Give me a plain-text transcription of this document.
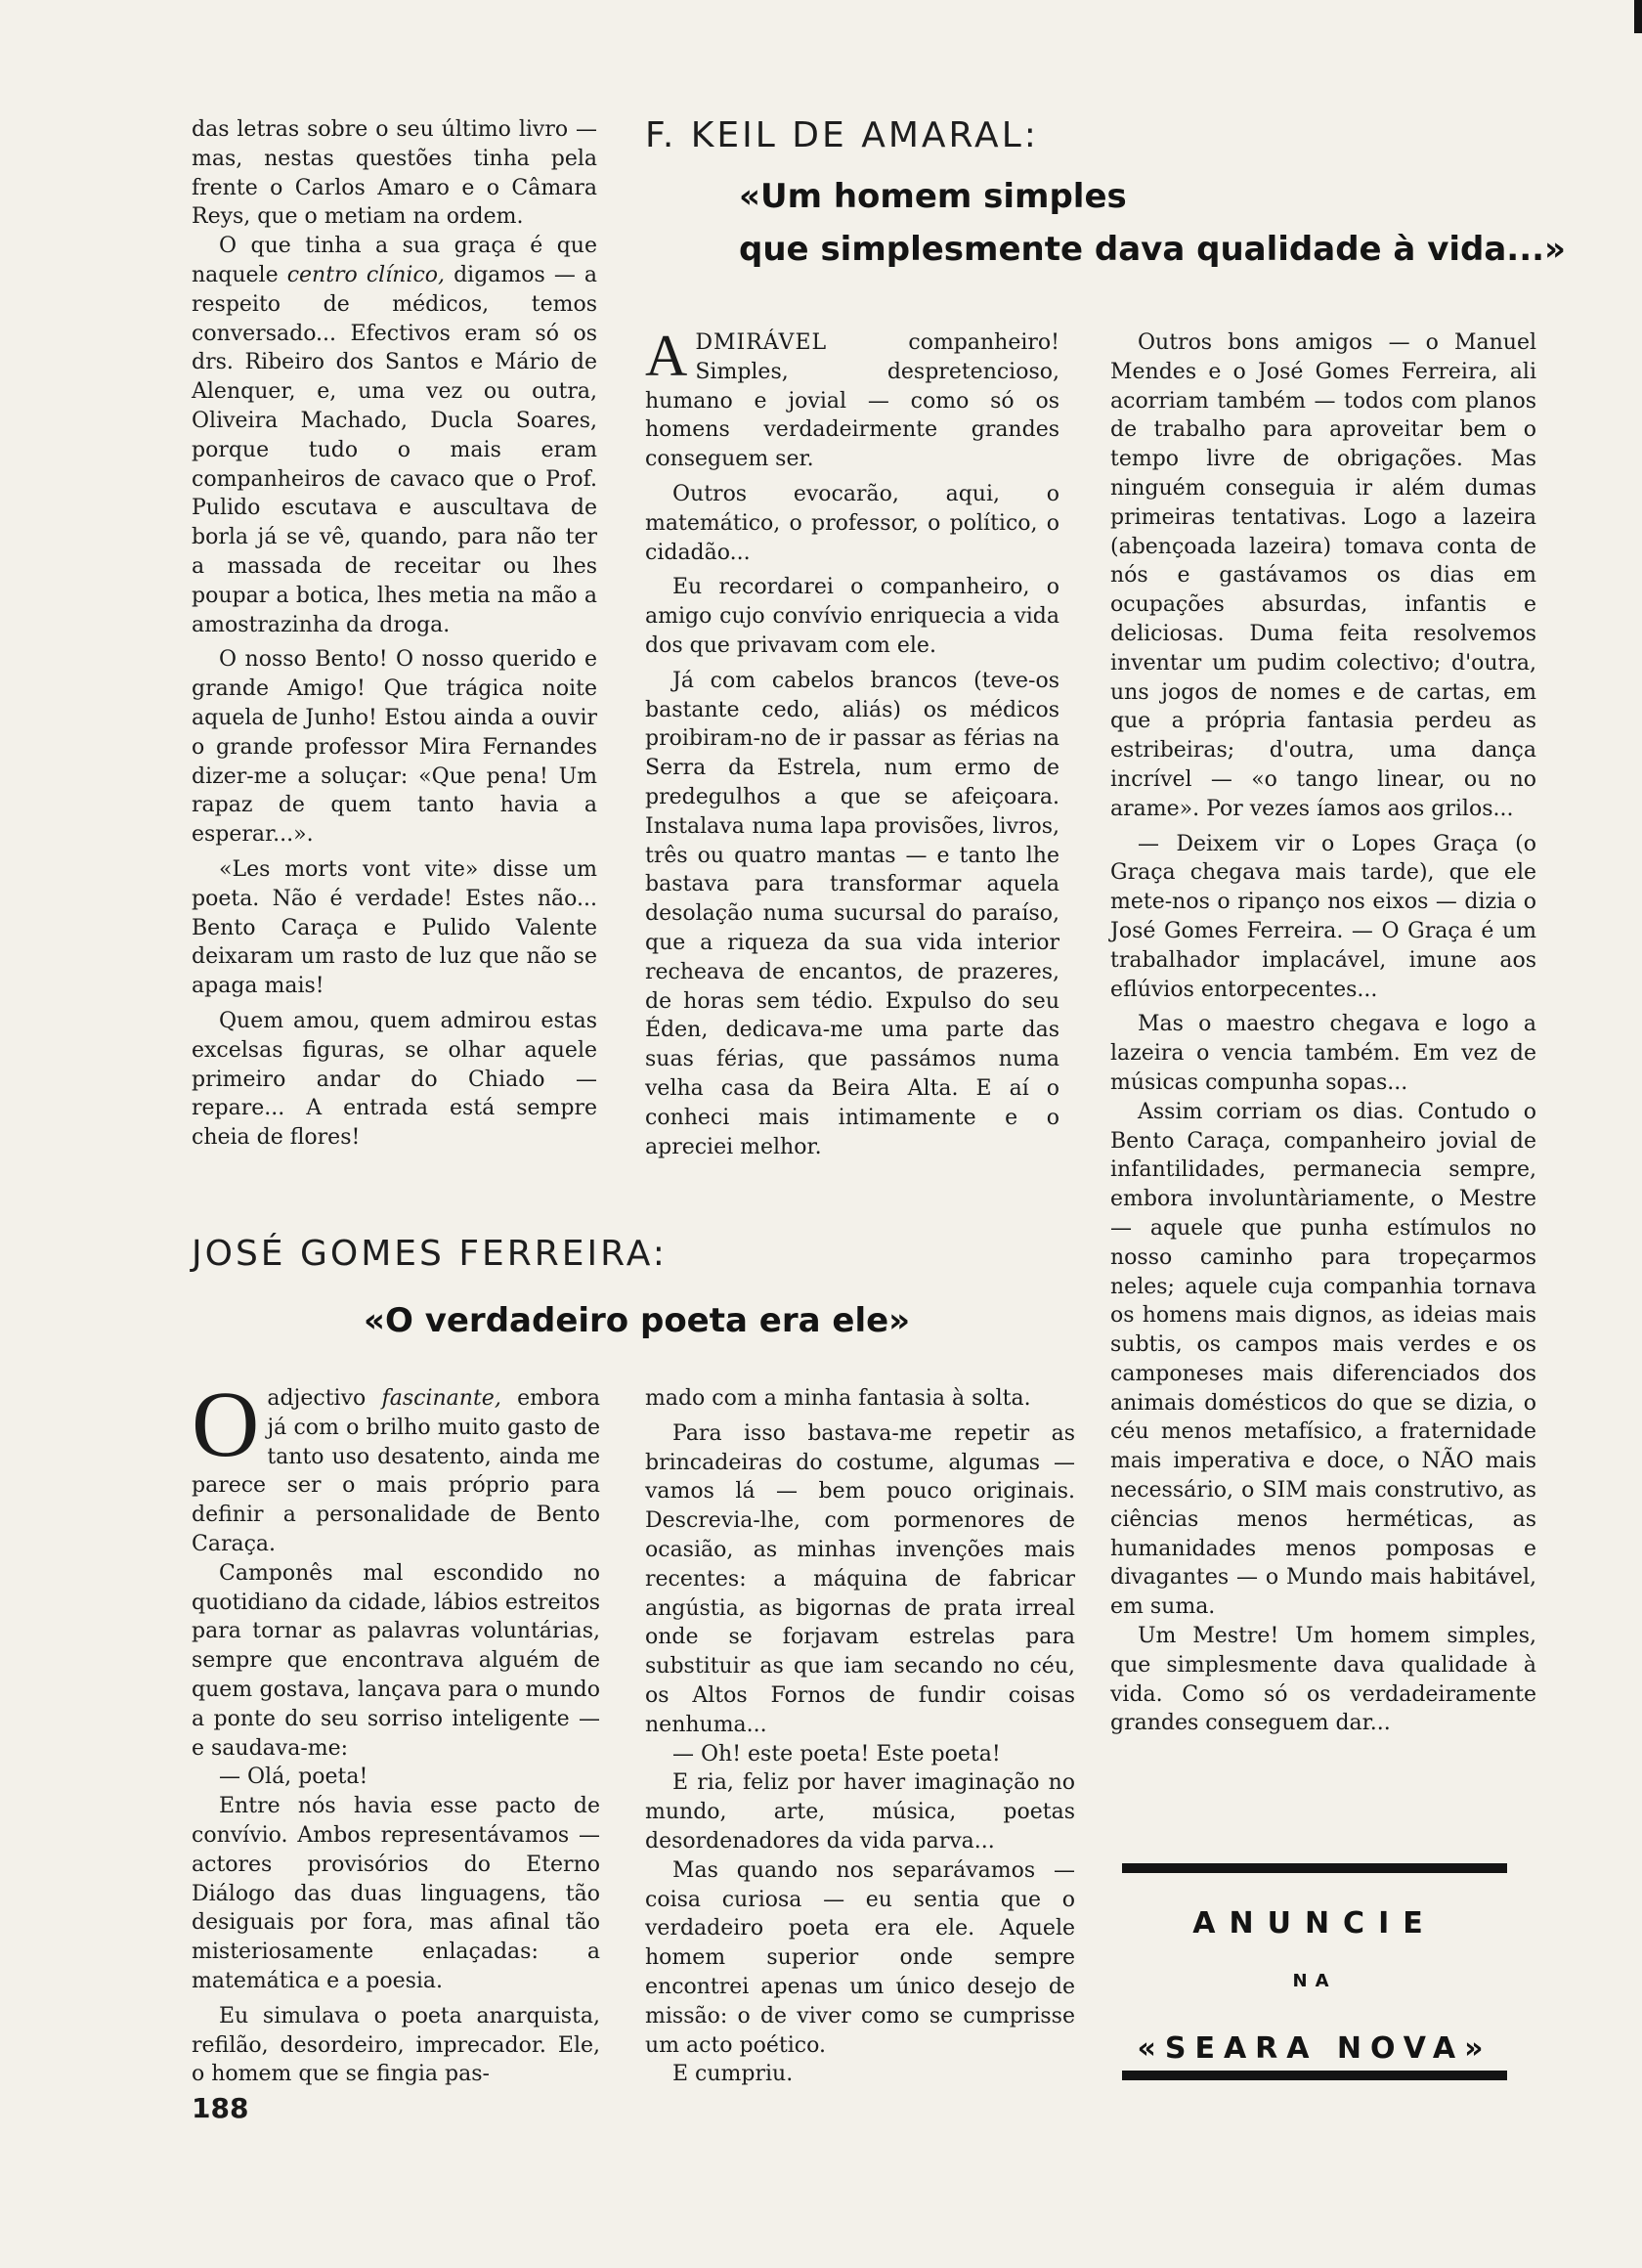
das letras sobre o seu último livro — mas, nestas questões tinha pela frente o Carlos Amaro e o Câmara Reys, que o metiam na ordem.

O que tinha a sua graça é que naquele centro clínico, digamos — a respeito de médicos, temos conversado... Efectivos eram só os drs. Ribeiro dos Santos e Mário de Alenquer, e, uma vez ou outra, Oliveira Machado, Ducla Soares, porque tudo o mais eram companheiros de cavaco que o Prof. Pulido escutava e auscultava de borla já se vê, quando, para não ter a massada de receitar ou lhes poupar a botica, lhes metia na mão a amostrazinha da droga.

O nosso Bento! O nosso querido e grande Amigo! Que trágica noite aquela de Junho! Estou ainda a ouvir o grande professor Mira Fernandes dizer-me a soluçar: «Que pena! Um rapaz de quem tanto havia a esperar...».

«Les morts vont vite» disse um poeta. Não é verdade! Estes não... Bento Caraça e Pulido Valente deixaram um rasto de luz que não se apaga mais!

Quem amou, quem admirou estas excelsas figuras, se olhar aquele primeiro andar do Chiado — repare... A entrada está sempre cheia de flores!

F. KEIL DE AMARAL:
«Um homem simples
que simplesmente dava qualidade à vida...»

ADMIRÁVEL	companheiro! Simples, despretencioso, humano e jovial — como só os homens verdadeirmente grandes conseguem ser.

Outros evocarão, aqui, o matemático, o professor, o político, o cidadão...

Eu recordarei o companheiro, o amigo cujo convívio enriquecia a vida dos que privavam com ele.

Já com cabelos brancos (teve-os bastante cedo, aliás) os médicos proibiram-no de ir passar as férias na Serra da Estrela, num ermo de predegulhos a que se afeiçoara. Instalava numa lapa provisões, livros, três ou quatro mantas — e tanto lhe bastava para transformar aquela desolação numa sucursal do paraíso, que a riqueza da sua vida interior recheava de encantos, de prazeres, de horas sem tédio. Expulso do seu Éden, dedicava-me uma parte das suas férias, que passámos numa velha casa da Beira Alta. E aí o conheci mais intimamente e o apreciei melhor.

Outros bons amigos — o Manuel Mendes e o José Gomes Ferreira, ali acorriam também — todos com planos de trabalho para aproveitar bem o tempo livre de obrigações. Mas ninguém conseguia ir além dumas primeiras tentativas. Logo a lazeira (abençoada lazeira) tomava conta de nós e gastávamos os dias em ocupações absurdas, infantis e deliciosas. Duma feita resolvemos inventar um pudim colectivo; d'outra, uns jogos de nomes e de cartas, em que a própria fantasia perdeu as estribeiras; d'outra, uma dança incrível — «o tango linear, ou no arame». Por vezes íamos aos grilos...

— Deixem vir o Lopes Graça (o Graça chegava mais tarde), que ele mete-nos o ripanço nos eixos — dizia o José Gomes Ferreira. — O Graça é um trabalhador implacável, imune aos eflúvios entorpecentes...

Mas o maestro chegava e logo a lazeira o vencia também. Em vez de músicas compunha sopas...

Assim corriam os dias. Contudo o Bento Caraça, companheiro jovial de infantilidades, permanecia sempre, embora involuntàriamente, o Mestre — aquele que punha estímulos no nosso caminho para tropeçarmos neles; aquele cuja companhia tornava os homens mais dignos, as ideias mais subtis, os campos mais verdes e os camponeses mais diferenciados dos animais domésticos do que se dizia, o céu menos metafísico, a fraternidade mais imperativa e doce, o NÃO mais necessário, o SIM mais construtivo, as ciências menos herméticas, as humanidades menos pomposas e divagantes — o Mundo mais habitável, em suma.

Um Mestre! Um homem simples, que simplesmente dava qualidade à vida. Como só os verdadeiramente grandes conseguem dar...

JOSÉ GOMES FERREIRA:
«O verdadeiro poeta era ele»

Oadjectivo fascinante, embora já com o brilho muito gasto de tanto uso desatento, ainda me parece ser o mais próprio para definir a personalidade de Bento Caraça.

Camponês mal escondido no quotidiano da cidade, lábios estreitos para tornar as palavras voluntárias, sempre que encontrava alguém de quem gostava, lançava para o mundo a ponte do seu sorriso inteligente — e saudava-me:

— Olá, poeta!

Entre nós havia esse pacto de convívio. Ambos representávamos — actores provisórios do Eterno Diálogo das duas linguagens, tão desiguais por fora, mas afinal tão misteriosamente enlaçadas: a matemática e a poesia.

Eu simulava o poeta anarquista, refilão, desordeiro, imprecador. Ele, o homem que se fingia pas-

mado com a minha fantasia à solta.

Para isso bastava-me repetir as brincadeiras do costume, algumas — vamos lá — bem pouco originais. Descrevia-lhe, com pormenores de ocasião, as minhas invenções mais recentes: a máquina de fabricar angústia, as bigornas de prata irreal onde se forjavam estrelas para substituir as que iam secando no céu, os Altos Fornos de fundir coisas nenhuma...

— Oh! este poeta! Este poeta!

E ria, feliz por haver imaginação no mundo, arte, música, poetas desordenadores da vida parva...

Mas quando nos separávamos — coisa curiosa — eu sentia que o verdadeiro poeta era ele. Aquele homem superior onde sempre encontrei apenas um único desejo de missão: o de viver como se cumprisse um acto poético.

E cumpriu.

ANUNCIE
NA
«SEARA NOVA»
188
